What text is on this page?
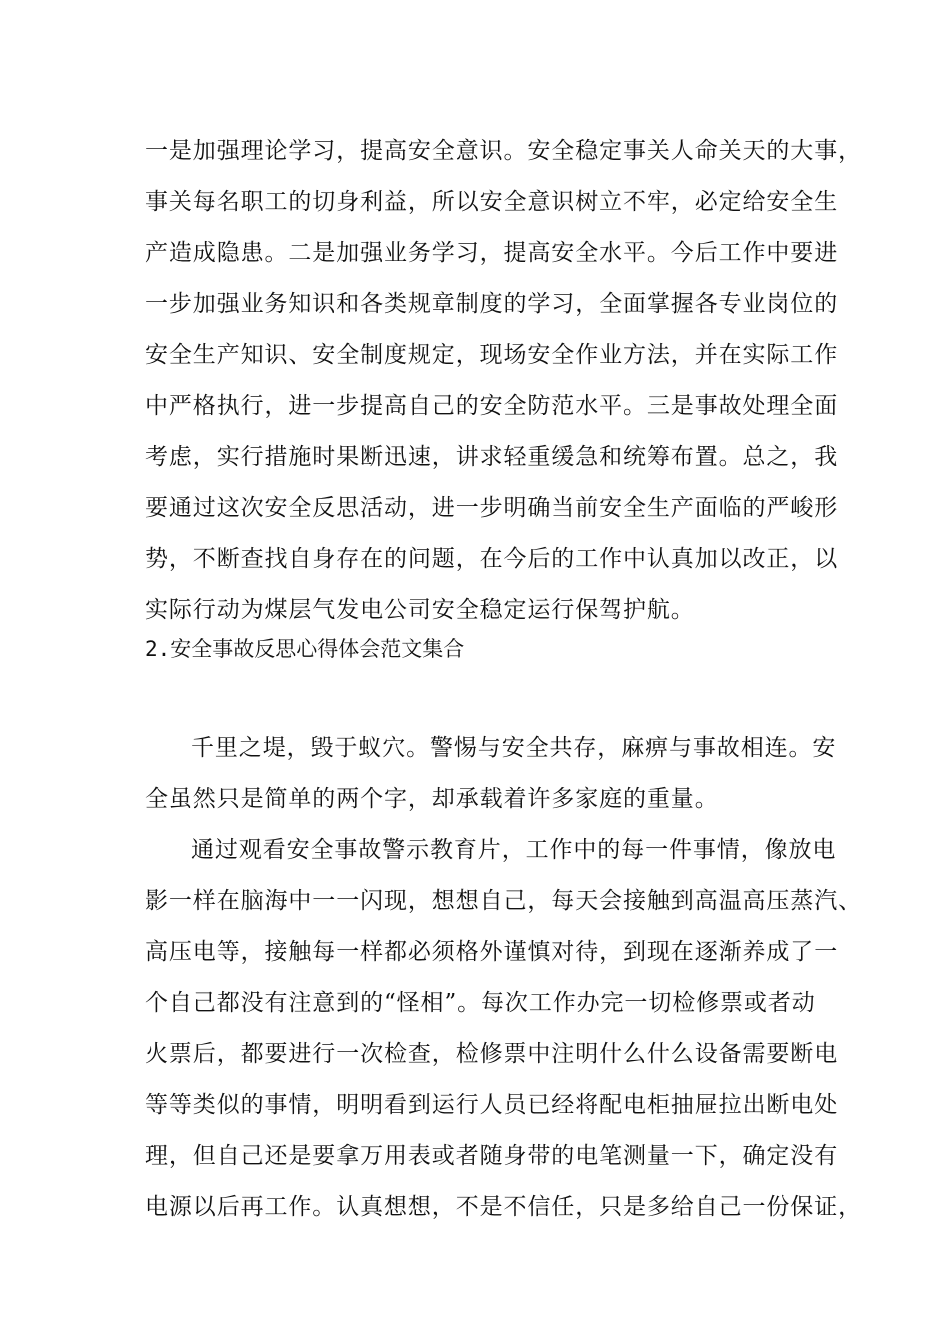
一是加强理论学习，提高安全意识。安全稳定事关人命关天的大事，
事关每名职工的切身利益，所以安全意识树立不牢，必定给安全生
产造成隐患。二是加强业务学习，提高安全水平。今后工作中要进
一步加强业务知识和各类规章制度的学习，全面掌握各专业岗位的
安全生产知识、安全制度规定，现场安全作业方法，并在实际工作
中严格执行，进一步提高自己的安全防范水平。三是事故处理全面
考虑，实行措施时果断迅速，讲求轻重缓急和统筹布置。总之，我
要通过这次安全反思活动，进一步明确当前安全生产面临的严峻形
势，不断查找自身存在的问题，在今后的工作中认真加以改正，以
实际行动为煤层气发电公司安全稳定运行保驾护航。
2.安全事故反思心得体会范文集合
千里之堤，毁于蚁穴。警惕与安全共存，麻痹与事故相连。安
全虽然只是简单的两个字，却承载着许多家庭的重量。
通过观看安全事故警示教育片，工作中的每一件事情，像放电
影一样在脑海中一一闪现，想想自己，每天会接触到高温高压蒸汽、
高压电等，接触每一样都必须格外谨慎对待，到现在逐渐养成了一
个自己都没有注意到的“怪相”。每次工作办完一切检修票或者动
火票后，都要进行一次检查，检修票中注明什么什么设备需要断电
等等类似的事情，明明看到运行人员已经将配电柜抽屉拉出断电处
理，但自己还是要拿万用表或者随身带的电笔测量一下，确定没有
电源以后再工作。认真想想，不是不信任，只是多给自己一份保证，
